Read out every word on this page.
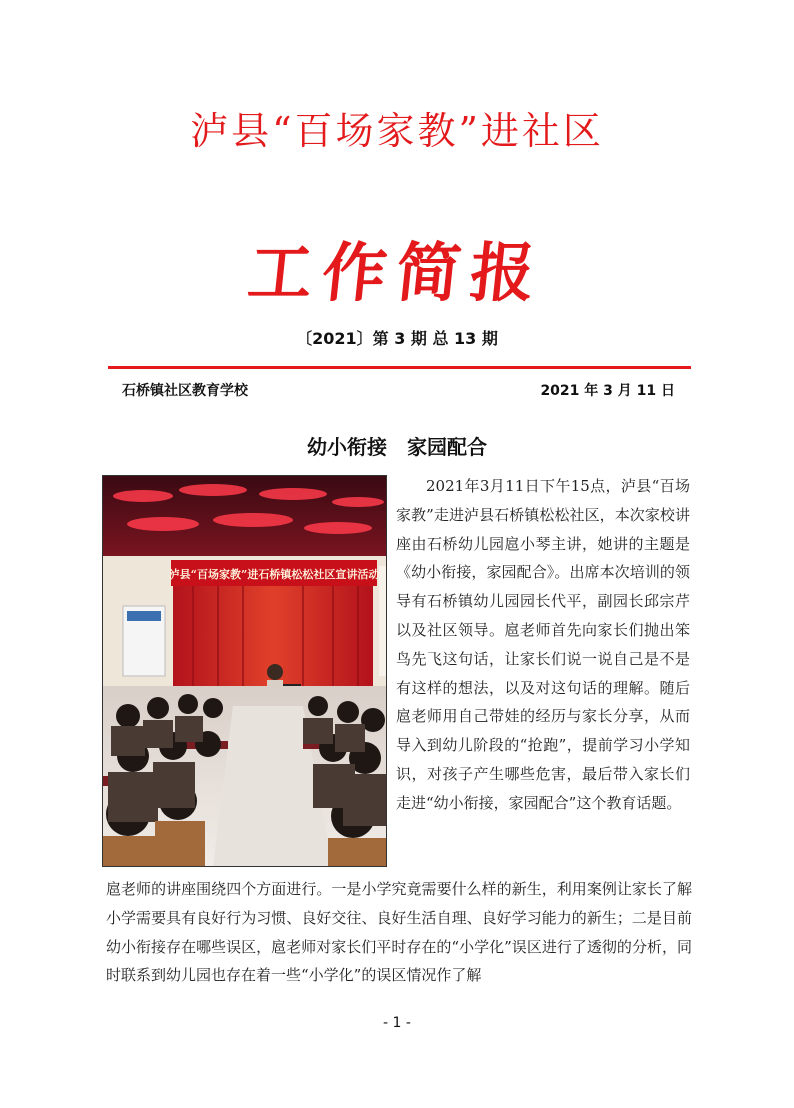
泸县“百场家教”进社区
工作简报
〔2021〕第 3 期 总 13 期
石桥镇社区教育学校	2021 年 3 月 11 日
幼小衔接　家园配合
泸县“百场家教”进石桥镇松松社区宣讲活动

2021年3月11日下午15点，泸县“百场家教”走进泸县石桥镇松松社区，本次家校讲座由石桥幼儿园扈小琴主讲，她讲的主题是《幼小衔接，家园配合》。出席本次培训的领导有石桥镇幼儿园园长代平，副园长邱宗芹以及社区领导。扈老师首先向家长们抛出笨鸟先飞这句话，让家长们说一说自己是不是有这样的想法，以及对这句话的理解。随后扈老师用自己带娃的经历与家长分享，从而导入到幼儿阶段的“抢跑”，提前学习小学知识，对孩子产生哪些危害，最后带入家长们走进“幼小衔接，家园配合”这个教育话题。

扈老师的讲座围绕四个方面进行。一是小学究竟需要什么样的新生，利用案例让家长了解小学需要具有良好行为习惯、良好交往、良好生活自理、良好学习能力的新生；二是目前幼小衔接存在哪些误区，扈老师对家长们平时存在的“小学化”误区进行了透彻的分析，同时联系到幼儿园也存在着一些“小学化”的误区情况作了解

- 1 -
